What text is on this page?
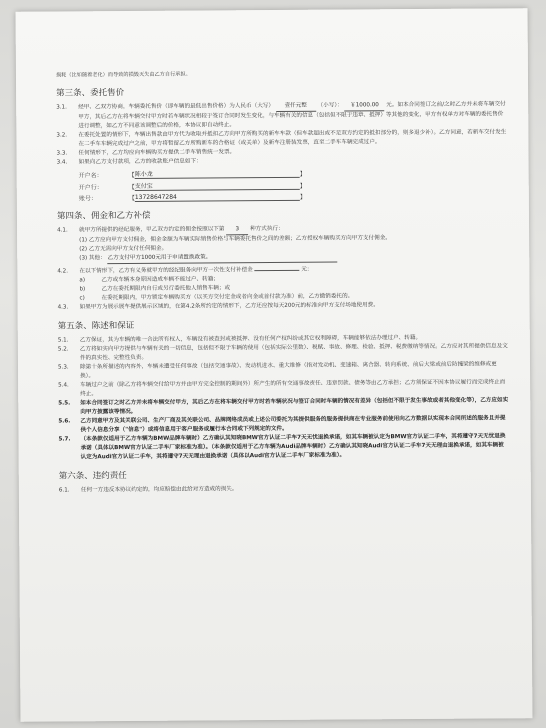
损耗（比如随着老化）而导致的损毁灭失由乙方自行承担。

第三条、委托售价
3.1.	经甲、乙双方协商，车辆委托售价（即车辆的最低出售价格）为人民币（大写） 壹仟元整 （小写）： ￥1000.00 元。如本合同签订之前/之时乙方并未将车辆交付甲方，其后乙方在将车辆交付甲方时若车辆状况相较于签订合同时发生变化，与车辆有关的信息（包括但不限于违章、抵押）等其他的变化，甲方有权单方对车辆的委托售价进行调整，如乙方不同意该调整后的价格，本协议即自动终止。
3.2.	在委托处置的情形下，车辆出售款由甲方代为收取并抵扣乙方向甲方所购买的新车车款（但车款超出或不足双方约定的抵扣部分的，则多退少补）。乙方同意，若新车交付发生在二手车车辆完成过户之前，甲方将暂留乙方所购新车的合格证（或关单）及新车注册装发票，直至二手车车辆完成过户。
3.3.	任何情形下，乙方均应向车辆购买方提供二手车销售统一发票。
3.4.	如果向乙方支付款项，乙方的收款账户信息如下：
开户名：	【 陈小龙	】
开户行：	【 支付宝	】
账号：	【 13728647284	】
第四条、佣金和乙方补偿
4.1.	就甲方所提供的经纪服务，甲乙双方约定的佣金按照以下第 3 种方式执行：

(1) 乙方应向甲方支付佣金，佣金金额为车辆实际销售价格与车辆委托售价之间的差额；乙方授权车辆购买方向甲方支付佣金。

(2) 乙方无需向甲方支付任何佣金。

(3) 其他： 乙方支付甲方1000元用于申请置换政策。

4.2.	在以下情形下，乙方有义务就甲方的经纪服务向甲方一次性支付补偿金	元：
a)	乙方或车辆本身原因造成车辆不能过户、转籍；
b)	乙方在委托期限内自行或另行委托他人销售车辆；或
c)	在委托期限内，甲方锁定车辆购买方（以买方交付定金或者向金或首付款为准）前，乙方撤销委托的。
4.3.	如果甲方为展示展车提供展示区域的，在第4.2条所约定的情形下，乙方还应按每天200元的标准向甲方支付场地使用费。
第五条、陈述和保证
5.1.	乙方保证，其为车辆的唯一合法所有权人，车辆没有被查封或被抵押、没有任何产权纠纷或其它权利障碍，车辆能够依法办理过户、转籍。
5.2.	乙方将如实向甲方提供与车辆有关的一切信息，包括但不限于车辆的使用（包括实际公里数）、税赋、事故、修理、检验、抵押、税费缴纳等情况。乙方应对其所提供信息及文件的真实性、完整性负责。
5.3.	除第十条所描述的内容外，车辆未遭受任何事故（包括交通事故）、发动机进水、重大维修（指对发动机、变速箱、离合器、转向系统、前后大梁或前后防撞梁的维修或更换）。
5.4.	车辆过户之前（除乙方将车辆交付给甲方并由甲方完全控制的期间外）所产生的所有交通事故责任、违章罚款、债务等由乙方承担；乙方须保证不因本协议履行而完成终止而终止。
5.5.	如本合同签订之时乙方并未将车辆交付甲方，其后乙方在将车辆交付甲方时若车辆状况与签订合同时车辆的情况有差异（包括但不限于发生事故或者其他变化等），乙方应如实向甲方披露该等情况。
5.6.	乙方同意甲方及其关联公司、生产厂商及其关联公司、品牌网络成员或上述公司委托为其提供服务的服务提供商在专业服务前使用向乙方数据以实现本合同所述的服务且并提供个人信息分享（"信息"）或将信息用于客户服务或履行本合同或下列规定的文件。
5.7.	（本条款仅适用于乙方车辆为BMW品牌车辆时）乙方确认其知晓BMW官方认证二手车7天无忧退换承诺，如其车辆被认定为BMW官方认证二手车，其将遵守7天无忧退换承诺（具体以BMW官方认证二手车厂家标准为准）。（本条款仅适用于乙方车辆为Audi品牌车辆时）乙方确认其知晓Audi官方认证二手车7天无理由退换承诺，如其车辆被认定为Audi官方认证二手车，其将遵守7天无理由退换承诺（具体以Audi官方认证二手车厂家标准为准）。
第六条、违约责任
6.1.	任何一方违反本协议约定的，均应赔偿由此给对方造成的损失。
